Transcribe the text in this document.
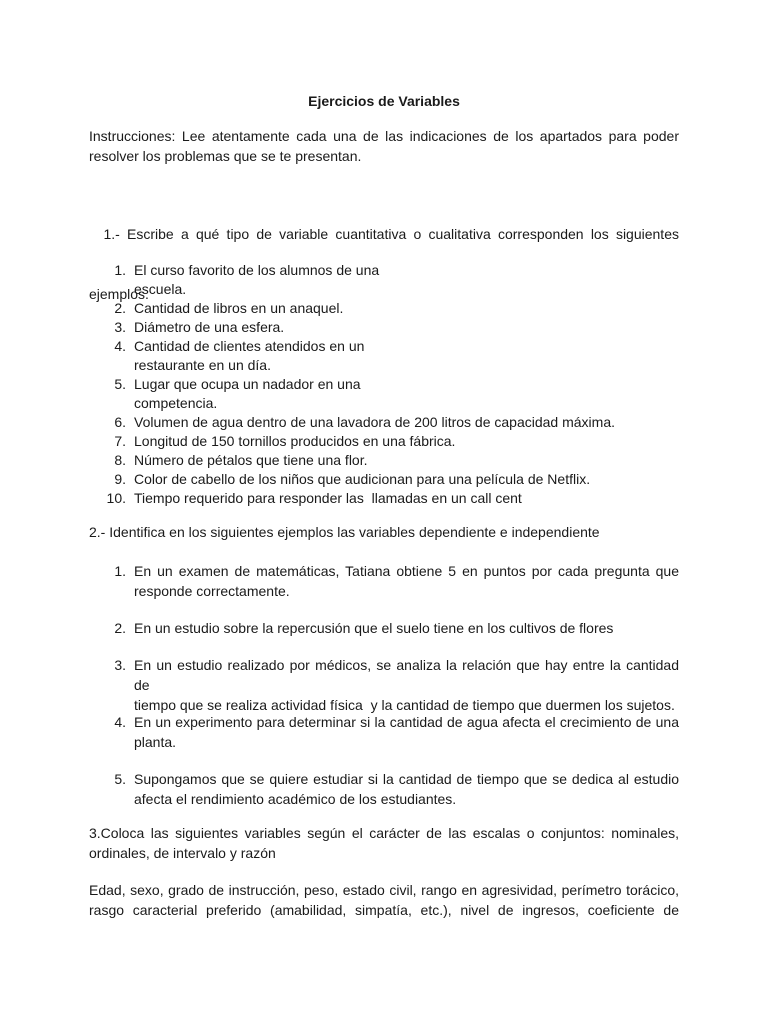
Ejercicios de Variables
Instrucciones: Lee atentamente cada una de las indicaciones de los apartados para poder
resolver los problemas que se te presentan.

1.- Escribe a qué tipo de variable cuantitativa o cualitativa corresponden los siguientes

ejemplos.

1. El curso favorito de los alumnos de una escuela.
2. Cantidad de libros en un anaquel.
3. Diámetro de una esfera.
4. Cantidad de clientes atendidos en un restaurante en un día.
5. Lugar que ocupa un nadador en una competencia.
6. Volumen de agua dentro de una lavadora de 200 litros de capacidad máxima.
7. Longitud de 150 tornillos producidos en una fábrica.
8. Número de pétalos que tiene una flor.
9. Color de cabello de los niños que audicionan para una película de Netflix.
10. Tiempo requerido para responder las  llamadas en un call cent
2.- Identifica en los siguientes ejemplos las variables dependiente e independiente
1. En un examen de matemáticas, Tatiana obtiene 5 en puntos por cada pregunta que
responde correctamente.
2. En un estudio sobre la repercusión que el suelo tiene en los cultivos de flores
3. En un estudio realizado por médicos, se analiza la relación que hay entre la cantidad de
tiempo que se realiza actividad física  y la cantidad de tiempo que duermen los sujetos.
4. En un experimento para determinar si la cantidad de agua afecta el crecimiento de una
planta.
5. Supongamos que se quiere estudiar si la cantidad de tiempo que se dedica al estudio
afecta el rendimiento académico de los estudiantes.
3.Coloca las siguientes variables según el carácter de las escalas o conjuntos: nominales,
ordinales, de intervalo y razón
Edad, sexo, grado de instrucción, peso, estado civil, rango en agresividad, perímetro torácico,
rasgo caracterial preferido (amabilidad, simpatía, etc.), nivel de ingresos, coeficiente de
